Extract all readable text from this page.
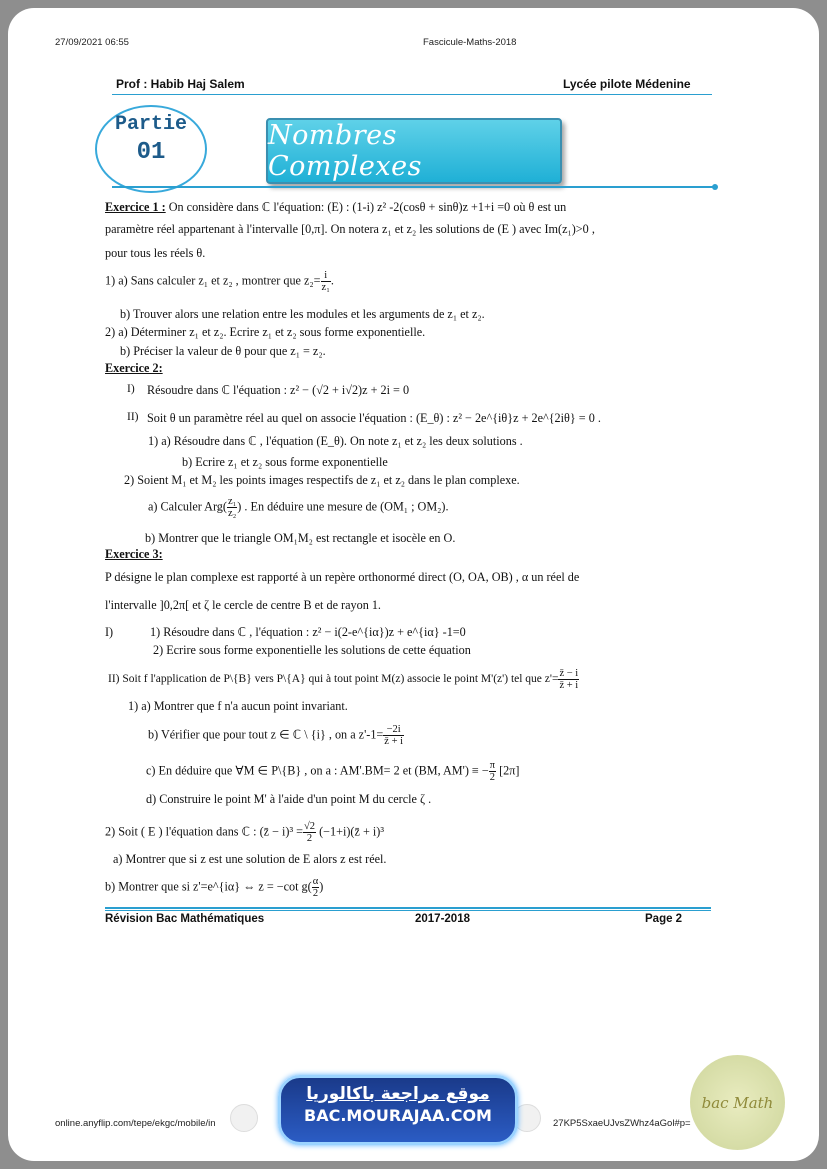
27/09/2021 06:55	Fascicule-Maths-2018
Prof : Habib Haj Salem	Lycée pilote Médenine
Partie
01
Nombres Complexes
Exercice 1 : On considère dans ℂ l'équation: (E) : (1-i) z² -2(cosθ + sinθ)z +1+i =0 où θ est un
paramètre réel appartenant à l'intervalle [0,π]. On notera z₁ et z₂ les solutions de (E ) avec Im(z₁)>0 ,
pour tous les réels θ.
1) a) Sans calculer z₁ et z₂ , montrer que $z_2= \frac{i}{\text{z₁}}$ .
b) Trouver alors une relation entre les modules et les arguments de z₁ et z₂.
2) a) Déterminer z₁ et z₂. Ecrire z₁ et z₂ sous forme exponentielle.
b) Préciser la valeur de θ pour que z₁ = z₂.
Exercice 2:
I) Résoudre dans ℂ l'équation : z² − (√2 + i√2)z + 2i = 0
II) Soit θ un paramètre réel au quel on associe l'équation : (E_θ) : z² − 2e^{iθ}z + 2e^{2iθ} = 0 .
1) a) Résoudre dans ℂ , l'équation (E_θ). On note z₁ et z₂ les deux solutions .
b) Ecrire z₁ et z₂ sous forme exponentielle
2) Soient M₁ et M₂ les points images respectifs de z₁ et z₂ dans le plan complexe.
a) Calculer $Arg( \frac{\text{z₁}}{\text{z₂}}$ ) . En déduire une mesure de (OM₁ ; OM₂).
b) Montrer que le triangle OM₁M₂ est rectangle et isocèle en O.
Exercice 3:
P désigne le plan complexe est rapporté à un repère orthonormé direct (O, OA, OB) , α un réel de
l'intervalle ]0,2π[ et ζ le cercle de centre B et de rayon 1.
I)	1) Résoudre dans ℂ , l'équation : z² − i(2-e^{iα})z + e^{iα} -1=0
2) Ecrire sous forme exponentielle les solutions de cette équation
II) Soit f l'application de P\{B} vers P\{A} qui à tout point M(z) associe le point M'(z') tel que $z'= \frac{z̄ - i}{z̄ + i}$
1) a) Montrer que f n'a aucun point invariant.
b) Vérifier que pour tout z ∈ ℂ \ {i} , on a $z'-1= \frac{-2i}{z̄ + i}$
c) En déduire que ∀M ∈ P\{B} , on a : AM'.BM= 2 et (BM, AM') ≡ − $\frac{\pi}{2} [2\pi]$
d) Construire le point M' à l'aide d'un point M du cercle ζ .
2) Soit ( E ) l'équation dans ℂ : (z̄ − $i)^3 = \frac{√2}{2}$ (−1+i)(z̄ + i)³
a) Montrer que si z est une solution de E alors z est réel.
b) Montrer que si z'=e^{iα} ⇔ z = −cot $g( \frac{\alpha}{2}$ )
Révision Bac Mathématiques	2017-2018	Page 2
online.anyflip.com/tepe/ekgc/mobile/in	27KP5SxaeUJvsZWhz4aGol#p=
موقع مراجعة باكالوريا
BAC.MOURAJAA.COM
bac Math
